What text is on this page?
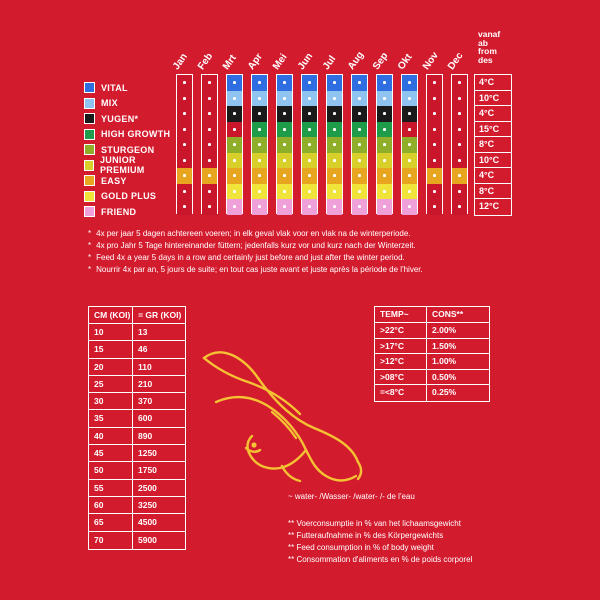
Jan Feb Mrt Apr Mei Jun Jul Aug Sep Okt Nov Dec
vanaf
ab
from
des
VITAL
MIX
YUGEN*
HIGH GROWTH
STURGEON
JUNIOR PREMIUM
EASY
GOLD PLUS
FRIEND
4°C
10°C
4°C
15°C
8°C
10°C
4°C
8°C
12°C
* 4x per jaar 5 dagen achtereen voeren; in elk geval vlak voor en vlak na de winterperiode.
* 4x pro Jahr 5 Tage hintereinander füttern; jedenfalls kurz vor und kurz nach der Winterzeit.
* Feed 4x a year 5 days in a row and certainly just before and just after the winter period.
* Nourrir 4x par an, 5 jours de suite; en tout cas juste avant et juste après la période de l'hiver.
CM (KOI) = GR (KOI)
10
15
20
25
30
35
40
45
50
55
60
65
70
13
46
110
210
370
600
890
1250
1750
2500
3250
4500
5900
TEMP~	CONS**
>22°C
>17°C
>12°C
>08°C
=<8°C
2.00%
1.50%
1.00%
0.50%
0.25%
~ water- /Wasser- /water- /- de l'eau
** Voerconsumptie in % van het lichaamsgewicht
** Futteraufnahme in % des Körpergewichts
** Feed consumption in % of body weight
** Consommation d'aliments en % de poids corporel
